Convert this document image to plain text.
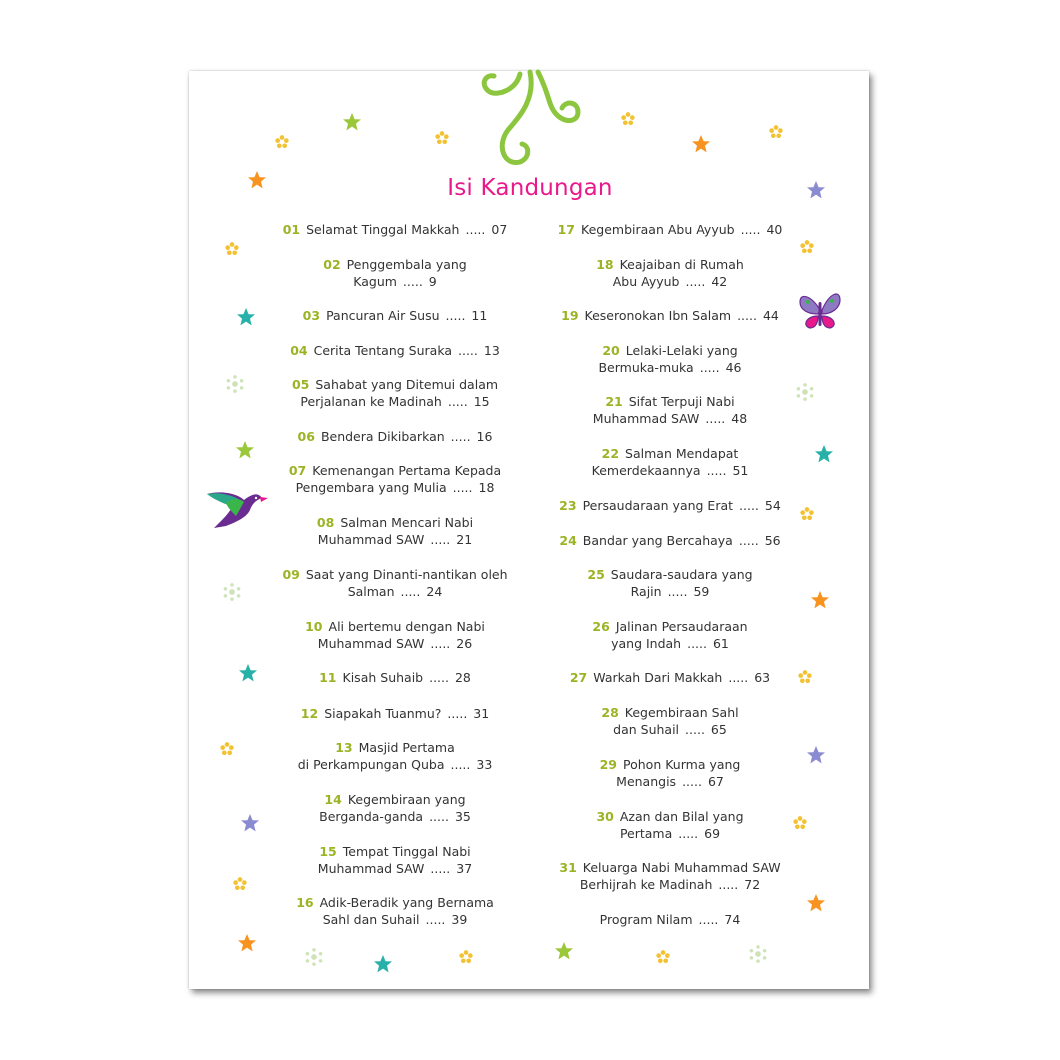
Isi Kandungan
01 Selamat Tinggal Makkah ..... 07
02 Penggembala yang
Kagum ..... 9
03 Pancuran Air Susu ..... 11
04 Cerita Tentang Suraka ..... 13
05 Sahabat yang Ditemui dalam
Perjalanan ke Madinah ..... 15
06 Bendera Dikibarkan ..... 16
07 Kemenangan Pertama Kepada
Pengembara yang Mulia ..... 18
08 Salman Mencari Nabi
Muhammad SAW ..... 21
09 Saat yang Dinanti-nantikan oleh
Salman ..... 24
10 Ali bertemu dengan Nabi
Muhammad SAW ..... 26
11 Kisah Suhaib ..... 28
12 Siapakah Tuanmu? ..... 31
13 Masjid Pertama
di Perkampungan Quba ..... 33
14 Kegembiraan yang
Berganda-ganda ..... 35
15 Tempat Tinggal Nabi
Muhammad SAW ..... 37
16 Adik-Beradik yang Bernama
Sahl dan Suhail ..... 39
17 Kegembiraan Abu Ayyub ..... 40
18 Keajaiban di Rumah
Abu Ayyub ..... 42
19 Keseronokan Ibn Salam ..... 44
20 Lelaki-Lelaki yang
Bermuka-muka ..... 46
21 Sifat Terpuji Nabi
Muhammad SAW ..... 48
22 Salman Mendapat
Kemerdekaannya ..... 51
23 Persaudaraan yang Erat ..... 54
24 Bandar yang Bercahaya ..... 56
25 Saudara-saudara yang
Rajin ..... 59
26 Jalinan Persaudaraan
yang Indah ..... 61
27 Warkah Dari Makkah ..... 63
28 Kegembiraan Sahl
dan Suhail ..... 65
29 Pohon Kurma yang
Menangis ..... 67
30 Azan dan Bilal yang
Pertama ..... 69
31 Keluarga Nabi Muhammad SAW
Berhijrah ke Madinah ..... 72
Program Nilam ..... 74
